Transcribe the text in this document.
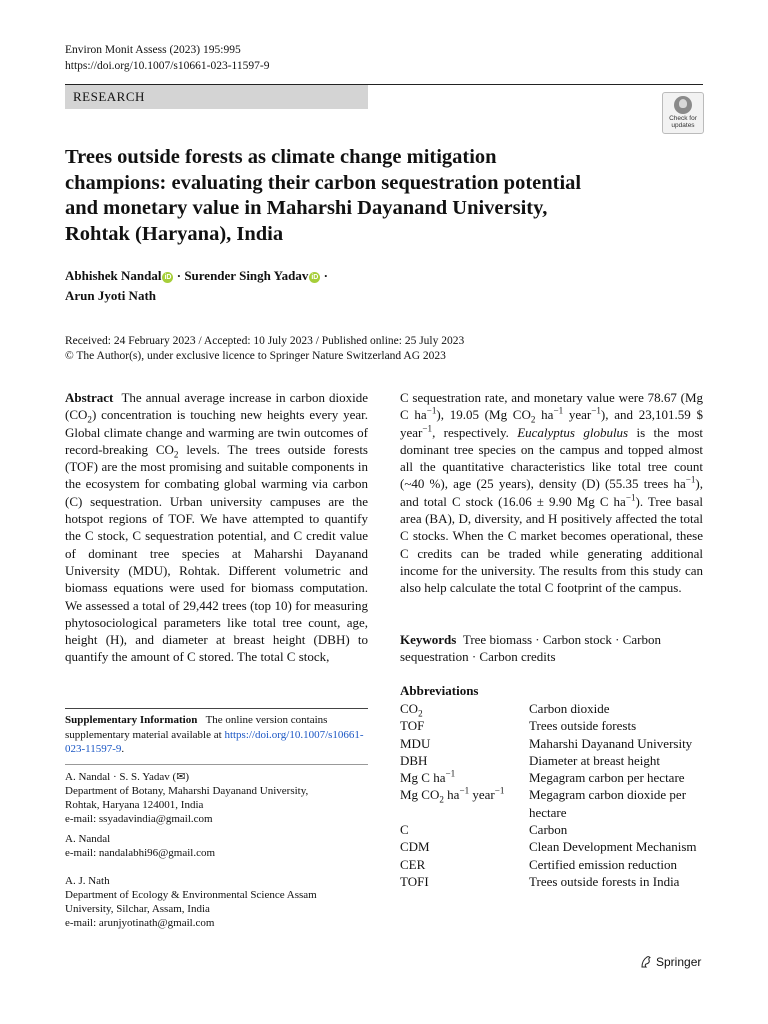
Environ Monit Assess (2023) 195:995
https://doi.org/10.1007/s10661-023-11597-9
RESEARCH
Check for
updates
Trees outside forests as climate change mitigation
champions: evaluating their carbon sequestration potential
and monetary value in Maharshi Dayanand University,
Rohtak (Haryana), India
Abhishek Nandal iD · Surender Singh Yadav iD ·
Arun Jyoti Nath
Received: 24 February 2023 / Accepted: 10 July 2023 / Published online: 25 July 2023
© The Author(s), under exclusive licence to Springer Nature Switzerland AG 2023

Abstract The annual average increase in carbon dioxide $(CO_2)$ concentration is touching new heights every year. Global climate change and warming are twin outcomes of record-breaking $CO_2$ levels. The trees outside forests (TOF) are the most promising and suitable components in the ecosystem for combating global warming via carbon (C) sequestration. Urban university campuses are the hotspot regions of TOF. We have attempted to quantify the C stock, C sequestration potential, and C credit value of dominant tree species at Maharshi Dayanand University (MDU), Rohtak. Different volumetric and biomass equations were used for biomass computation. We assessed a total of 29,442 trees (top 10) for measuring phytosociological parameters like total tree count, age, height (H), and diameter at breast height (DBH) to quantify the amount of C stored. The total C stock,

C sequestration rate, and monetary value were 78.67 (Mg C $ha^{-1}$), 19.05 (Mg $CO_2$ $ha^{-1}$ year$^{-1}$), and 23,101.59 $ year$^{-1}$, respectively. Eucalyptus globulus is the most dominant tree species on the campus and topped almost all the quantitative characteristics like total tree count (~40 %), age (25 years), density (D) (55.35 trees $ha^{-1}$), and total C stock (16.06 ± 9.90 Mg C $ha^{-1}$). Tree basal area (BA), D, diversity, and H positively affected the total C stocks. When the C market becomes operational, these C credits can be traded while generating additional income for the university. The results from this study can also help calculate the total C footprint of the campus.

Keywords Tree biomass · Carbon stock · Carbon sequestration · Carbon credits
Abbreviations
$CO_2$	Carbon dioxide
TOF	Trees outside forests
MDU	Maharshi Dayanand University
DBH	Diameter at breast height
Mg C $ha^{-1}$	Megagram carbon per hectare
Mg $CO_2$ $ha^{-1}$ year$^{-1}$	Megagram carbon dioxide per hectare
C	Carbon
CDM	Clean Development Mechanism
CER	Certified emission reduction
TOFI	Trees outside forests in India
Supplementary Information The online version contains supplementary material available at https://doi.org/10.1007/s10661-023-11597-9.
A. Nandal · S. S. Yadav (✉)
Department of Botany, Maharshi Dayanand University,
Rohtak, Haryana 124001, India
e-mail: ssyadavindia@gmail.com
A. Nandal
e-mail: nandalabhi96@gmail.com
A. J. Nath
Department of Ecology & Environmental Science Assam
University, Silchar, Assam, India
e-mail: arunjyotinath@gmail.com
Springer
